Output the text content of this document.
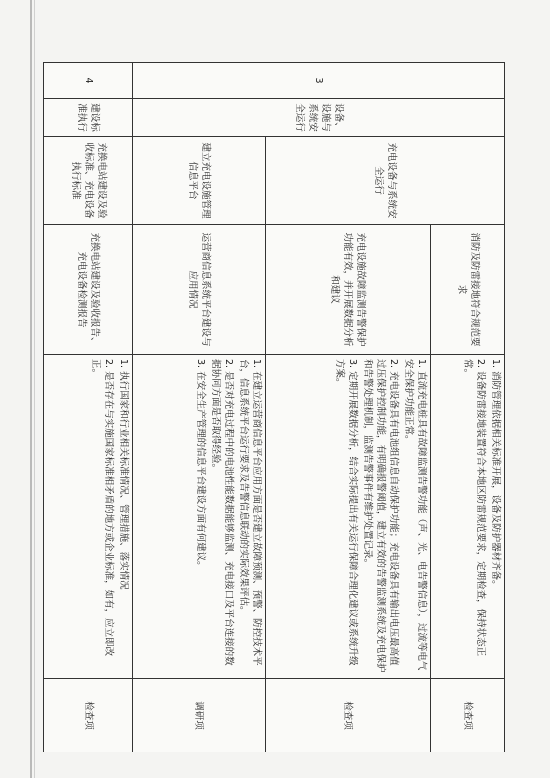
3	设备、设施与系统安全运行	充电设备与系统安全运行	消防及防雷接地符合规范要求	1. 消防管理依据相关标准开展，设备及防护器材齐备。

2. 设备防雷接地装置符合本地区防雷规范要求，定期检查，保持状态正常。	检查项
			充电设施故障监测告警保护功能有效，并开展数据分析和建议	1. 直流充电桩具有故障监测告警功能（声、光、电告警信息），过流等电气安全保护功能正常。

2. 充电设备具有电池组信息自动保护功能；充电设备具有输出电压最高值过压保护控制功能，有明确报警阈值，建立有效的告警监测系统及充电保护和告警处理机制，监测告警事件有维护处置记录。

3. 定期开展数据分析，结合实际提出有关运行保障合理化建议或系统升级方案。	检查项
		建立充电设施管理信息平台	运营商信息系统平台建设与应用情况	1. 在建立运营商信息平台应用方面是否建立故障预测、预警、防控技术平台，信息系统平台运行要求及告警信息联动的实际效果评估。

2. 是否对充电过程中的电池性能数据能够监测、充电接口及平台连接的数据协同方面是否取得经验。

3. 在安全生产管理的信息平台建设方面有何建议。	调研项
4	建设标准执行	充换电站建设及验收标准、充电设备执行标准	充换电站建设及验收报告、充电设备检测报告	1. 执行国家和行业相关标准情况、管理措施、落实情况

2. 是否存在与实施国家标准相矛盾的地方或企业标准，如有，应立即改正。	检查项
